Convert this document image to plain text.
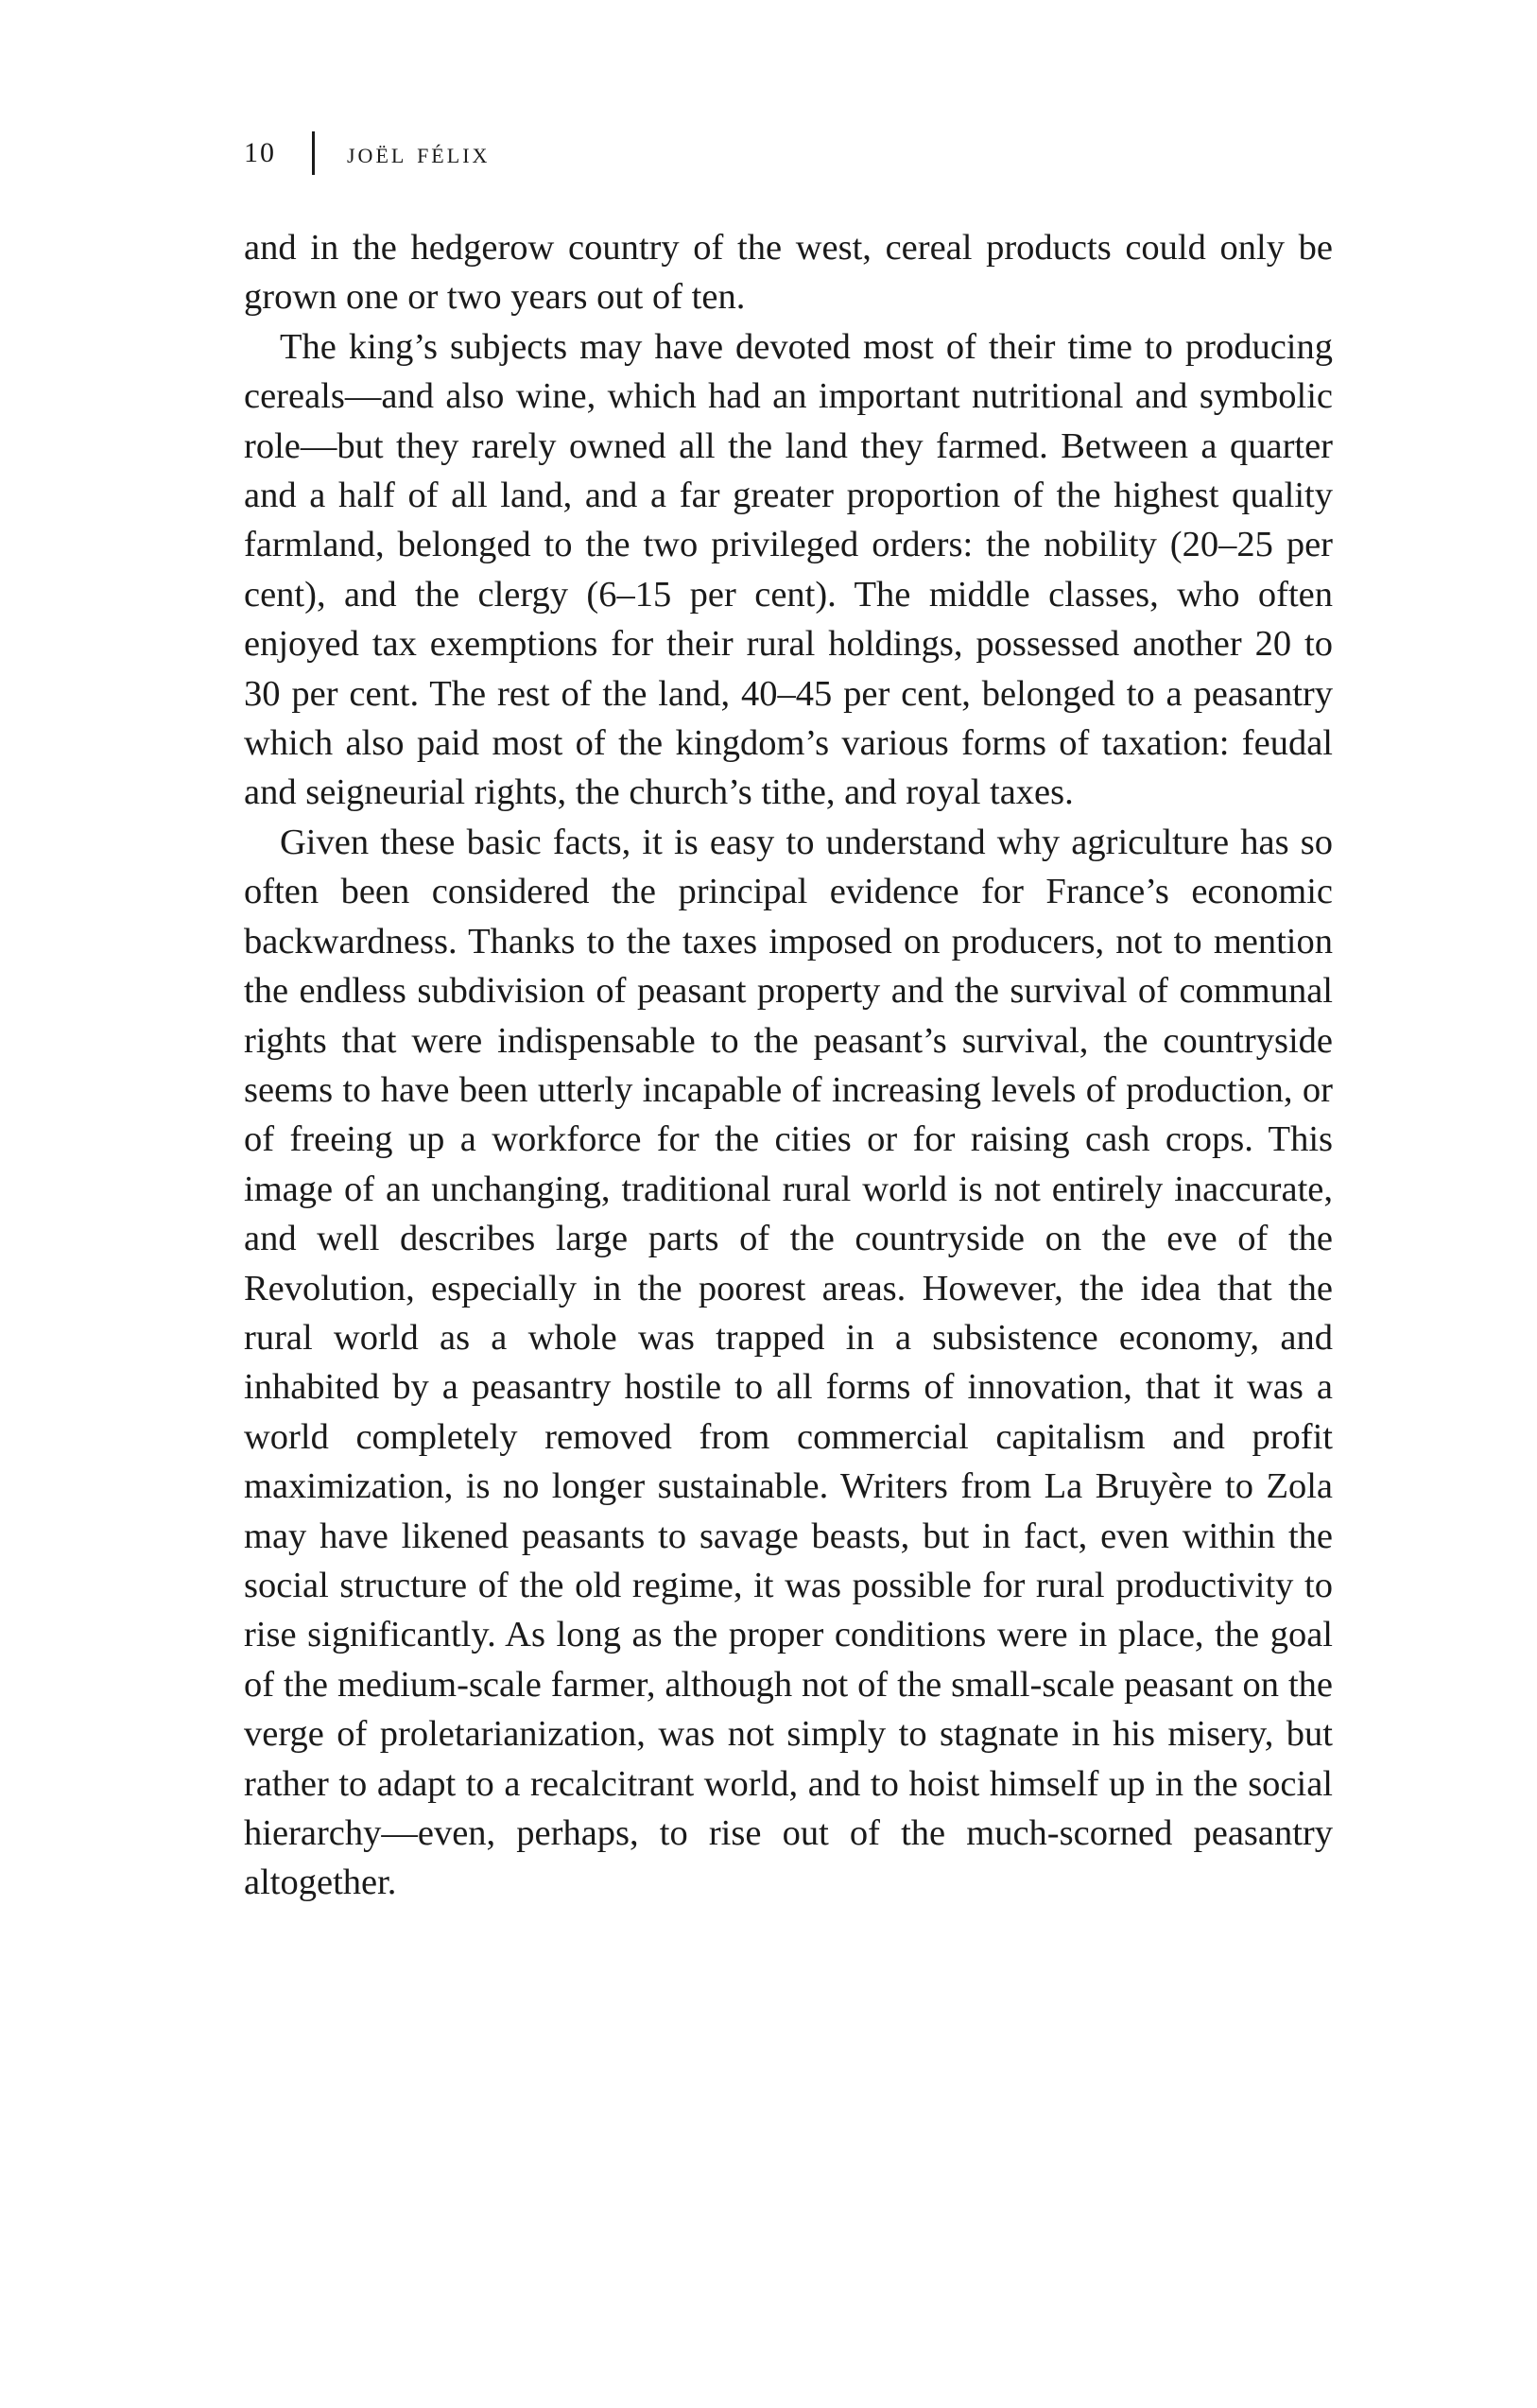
10 joël félix

and in the hedgerow country of the west, cereal products could only be grown one or two years out of ten.

The king’s subjects may have devoted most of their time to producing cereals—and also wine, which had an important nutritional and symbolic role—but they rarely owned all the land they farmed. Between a quarter and a half of all land, and a far greater proportion of the highest quality farmland, belonged to the two privileged orders: the nobility (20–25 per cent), and the clergy (6–15 per cent). The middle classes, who often enjoyed tax exemptions for their rural holdings, possessed another 20 to 30 per cent. The rest of the land, 40–45 per cent, belonged to a peasantry which also paid most of the kingdom’s various forms of taxation: feudal and seigneurial rights, the church’s tithe, and royal taxes.

Given these basic facts, it is easy to understand why agriculture has so often been considered the principal evidence for France’s economic backwardness. Thanks to the taxes imposed on producers, not to mention the endless subdivision of peasant property and the survival of communal rights that were indispensable to the peasant’s survival, the countryside seems to have been utterly incapable of increasing levels of production, or of freeing up a workforce for the cities or for raising cash crops. This image of an unchanging, traditional rural world is not entirely inaccurate, and well describes large parts of the countryside on the eve of the Revolution, especially in the poorest areas. However, the idea that the rural world as a whole was trapped in a subsistence economy, and inhabited by a peasantry hostile to all forms of innovation, that it was a world completely removed from commercial capitalism and profit maximization, is no longer sustainable. Writers from La Bruyère to Zola may have likened peasants to savage beasts, but in fact, even within the social structure of the old regime, it was possible for rural productivity to rise significantly. As long as the proper conditions were in place, the goal of the medium-scale farmer, although not of the small-scale peasant on the verge of proletarianization, was not simply to stagnate in his misery, but rather to adapt to a recalcitrant world, and to hoist himself up in the social hierarchy—even, perhaps, to rise out of the much-scorned peasantry altogether.
